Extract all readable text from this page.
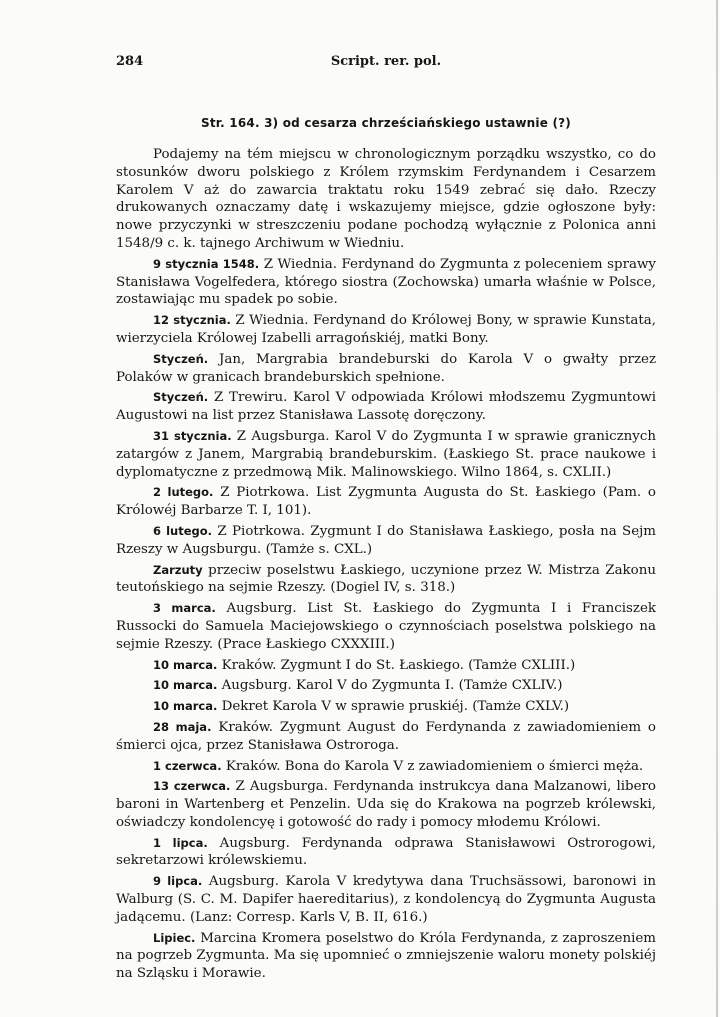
284	Script. rer. pol.
Str. 164. 3) od cesarza chrześciańskiego ustawnie (?)

Podajemy na tém miejscu w chronologicznym porządku wszystko, co do stosunków dworu polskiego z Królem rzymskim Ferdynandem i Cesarzem Karolem V aż do zawarcia traktatu roku 1549 zebrać się dało. Rzeczy drukowanych oznaczamy datę i wskazujemy miejsce, gdzie ogłoszone były: nowe przyczynki w streszczeniu podane pochodzą wyłącznie z Polonica anni 1548/9 c. k. tajnego Archiwum w Wiedniu.

9 stycznia 1548. Z Wiednia. Ferdynand do Zygmunta z poleceniem sprawy Stanisława Vogelfedera, którego siostra (Zochowska) umarła właśnie w Polsce, zostawiając mu spadek po sobie.

12 stycznia. Z Wiednia. Ferdynand do Królowej Bony, w sprawie Kunstata, wierzyciela Królowej Izabelli arragońskiéj, matki Bony.

Styczeń. Jan, Margrabia brandeburski do Karola V o gwałty przez Polaków w granicach brandeburskich spełnione.

Styczeń. Z Trewiru. Karol V odpowiada Królowi młodszemu Zygmuntowi Augustowi na list przez Stanisława Lassotę doręczony.

31 stycznia. Z Augsburga. Karol V do Zygmunta I w sprawie granicznych zatargów z Janem, Margrabią brandeburskim. (Łaskiego St. prace naukowe i dyplomatyczne z przedmową Mik. Malinowskiego. Wilno 1864, s. CXLII.)

2 lutego. Z Piotrkowa. List Zygmunta Augusta do St. Łaskiego (Pam. o Królowéj Barbarze T. I, 101).

6 lutego. Z Piotrkowa. Zygmunt I do Stanisława Łaskiego, posła na Sejm Rzeszy w Augsburgu. (Tamże s. CXL.)

Zarzuty przeciw poselstwu Łaskiego, uczynione przez W. Mistrza Zakonu teutońskiego na sejmie Rzeszy. (Dogiel IV, s. 318.)

3 marca. Augsburg. List St. Łaskiego do Zygmunta I i Franciszek Russocki do Samuela Maciejowskiego o czynnościach poselstwa polskiego na sejmie Rzeszy. (Prace Łaskiego CXXXIII.)

10 marca. Kraków. Zygmunt I do St. Łaskiego. (Tamże CXLIII.)

10 marca. Augsburg. Karol V do Zygmunta I. (Tamże CXLIV.)

10 marca. Dekret Karola V w sprawie pruskiéj. (Tamże CXLV.)

28 maja. Kraków. Zygmunt August do Ferdynanda z zawiadomieniem o śmierci ojca, przez Stanisława Ostroroga.

1 czerwca. Kraków. Bona do Karola V z zawiadomieniem o śmierci męża.

13 czerwca. Z Augsburga. Ferdynanda instrukcya dana Malzanowi, libero baroni in Wartenberg et Penzelin. Uda się do Krakowa na pogrzeb królewski, oświadczy kondolencyę i gotowość do rady i pomocy młodemu Królowi.

1 lipca. Augsburg. Ferdynanda odprawa Stanisławowi Ostrorogowi, sekretarzowi królewskiemu.

9 lipca. Augsburg. Karola V kredytywa dana Truchsässowi, baronowi in Walburg (S. C. M. Dapifer haereditarius), z kondolencyą do Zygmunta Augusta jadącemu. (Lanz: Corresp. Karls V, B. II, 616.)

Lipiec. Marcina Kromera poselstwo do Króla Ferdynanda, z zaproszeniem na pogrzeb Zygmunta. Ma się upomnieć o zmniejszenie waloru monety polskiéj na Szląsku i Morawie.
